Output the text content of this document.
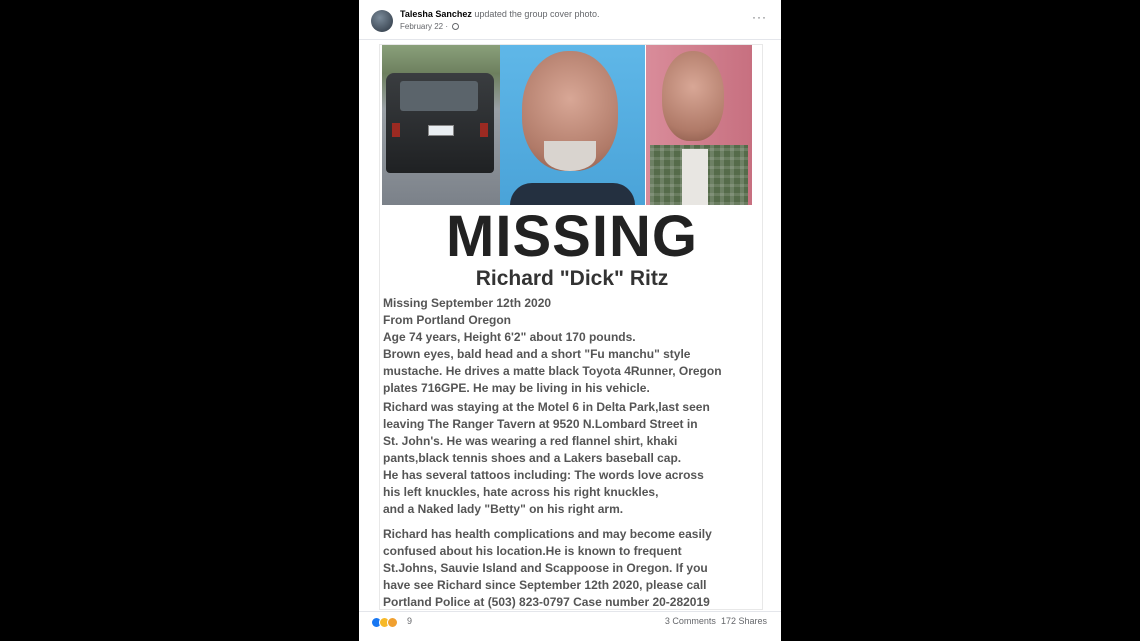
Talesha Sanchez updated the group cover photo.
February 22 ·
···
MISSING
Richard "Dick" Ritz

Missing September 12th 2020

From Portland Oregon

Age 74 years, Height 6'2" about 170 pounds.

Brown eyes, bald head and a short "Fu manchu" style

mustache. He drives a matte black Toyota 4Runner, Oregon

plates 716GPE. He may be living in his vehicle.

Richard was staying at the Motel 6 in Delta Park,last seen

leaving The Ranger Tavern at 9520 N.Lombard Street in

St. John's. He was wearing a red flannel shirt, khaki

pants,black tennis shoes and a Lakers baseball cap.

He has several tattoos including: The words love across

his left knuckles, hate across his right knuckles,

and a Naked lady "Betty" on his right arm.

Richard has health complications and may become easily

confused about his location.He is known to frequent

St.Johns, Sauvie Island and Scappoose in Oregon. If you

have see Richard since September 12th 2020, please call

Portland Police at (503) 823-0797 Case number 20-282019

9	3 Comments 172 Shares
